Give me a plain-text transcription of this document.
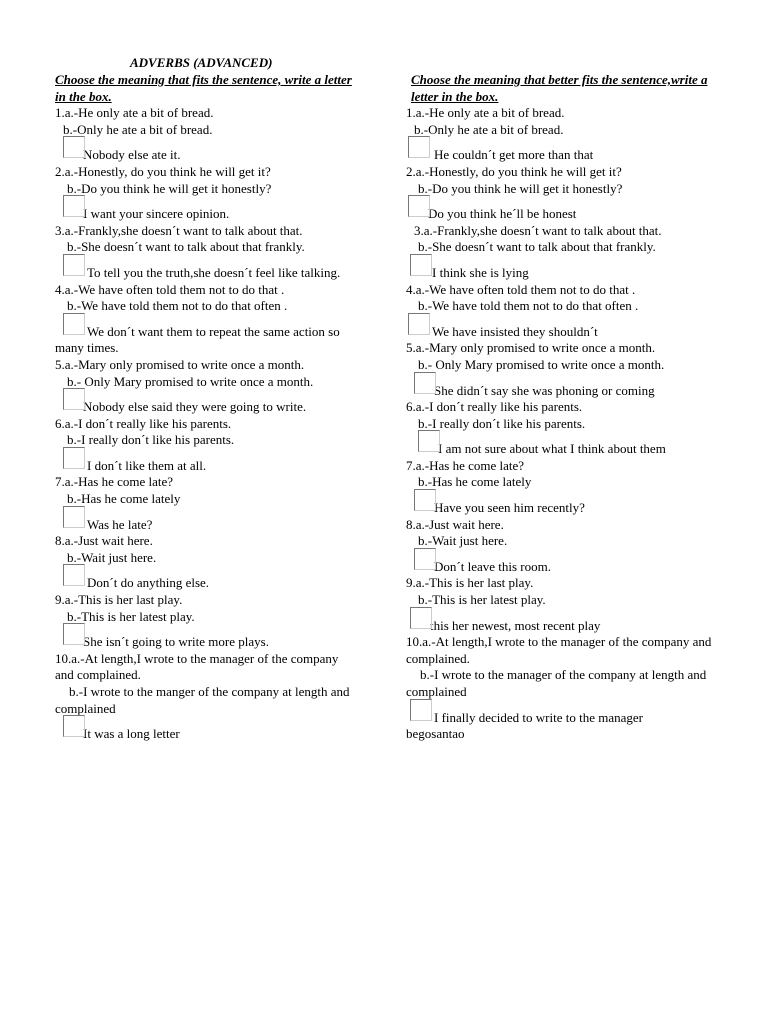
ADVERBS (ADVANCED)
Choose the meaning that fits the sentence, write a letter in the box.
1.a.-He only ate a bit of bread.
b.-Only he ate a bit of bread.
Nobody else ate it.
2.a.-Honestly, do you think he will get it?
b.-Do you think he will get it honestly?
I want your sincere opinion.
3.a.-Frankly,she doesn´t want to talk about that.
b.-She doesn´t want to talk about that frankly.
To tell you the truth,she doesn´t feel like talking.
4.a.-We have often told them not to do that .
b.-We have told them not to do that often .
We don´t want them to repeat the same action so many times.
5.a.-Mary only promised to write once a month.
b.- Only Mary promised to write once a month.
Nobody else said they were going to write.
6.a.-I don´t really like his parents.
b.-I really don´t like his parents.
I don´t like them at all.
7.a.-Has he come late?
b.-Has he come lately
Was he late?
8.a.-Just wait here.
b.-Wait just here.
Don´t do anything else.
9.a.-This is her last play.
b.-This is her latest play.
She isn´t going to write more plays.
10.a.-At length,I wrote to the manager of the company and complained.
b.-I wrote to the manger of the company at length and complained
It was a long letter
Choose the meaning that better fits the sentence,write a letter in the box.
1.a.-He only ate a bit of bread.
b.-Only he ate a bit of bread.
He couldn´t get more than that
2.a.-Honestly, do you think he will get it?
b.-Do you think he will get it honestly?
Do you think he´ll be honest
3.a.-Frankly,she doesn´t want to talk about that.
b.-She doesn´t want to talk about that frankly.
I think she is lying
4.a.-We have often told them not to do that .
b.-We have told them not to do that often .
We have insisted they shouldn´t
5.a.-Mary only promised to write once a month.
b.- Only Mary promised to write once a month.
She didn´t say she was phoning or coming
6.a.-I don´t really like his parents.
b.-I really don´t like his parents.
I am not sure about what I think about them
7.a.-Has he come late?
b.-Has he come lately
Have you seen him recently?
8.a.-Just wait here.
b.-Wait just here.
Don´t leave this room.
9.a.-This is her last play.
b.-This is her latest play.
this her newest, most recent play
10.a.-At length,I wrote to the manager of the company and complained.
b.-I wrote to the manager of the company at length and complained
I finally decided to write to the manager begosantao
